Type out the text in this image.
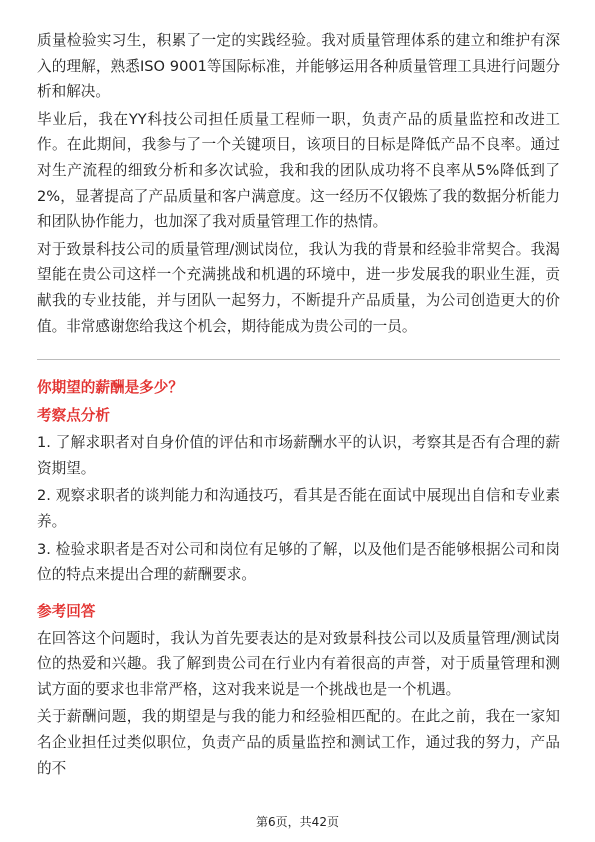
质量检验实习生，积累了一定的实践经验。我对质量管理体系的建立和维护有深入的理解，熟悉ISO 9001等国际标准，并能够运用各种质量管理工具进行问题分析和解决。

毕业后，我在YY科技公司担任质量工程师一职，负责产品的质量监控和改进工作。在此期间，我参与了一个关键项目，该项目的目标是降低产品不良率。通过对生产流程的细致分析和多次试验，我和我的团队成功将不良率从5%降低到了2%，显著提高了产品质量和客户满意度。这一经历不仅锻炼了我的数据分析能力和团队协作能力，也加深了我对质量管理工作的热情。

对于致景科技公司的质量管理/测试岗位，我认为我的背景和经验非常契合。我渴望能在贵公司这样一个充满挑战和机遇的环境中，进一步发展我的职业生涯，贡献我的专业技能，并与团队一起努力，不断提升产品质量，为公司创造更大的价值。非常感谢您给我这个机会，期待能成为贵公司的一员。

你期望的薪酬是多少？
考察点分析

1. 了解求职者对自身价值的评估和市场薪酬水平的认识，考察其是否有合理的薪资期望。

2. 观察求职者的谈判能力和沟通技巧，看其是否能在面试中展现出自信和专业素养。

3. 检验求职者是否对公司和岗位有足够的了解，以及他们是否能够根据公司和岗位的特点来提出合理的薪酬要求。

参考回答

在回答这个问题时，我认为首先要表达的是对致景科技公司以及质量管理/测试岗位的热爱和兴趣。我了解到贵公司在行业内有着很高的声誉，对于质量管理和测试方面的要求也非常严格，这对我来说是一个挑战也是一个机遇。

关于薪酬问题，我的期望是与我的能力和经验相匹配的。在此之前，我在一家知名企业担任过类似职位，负责产品的质量监控和测试工作，通过我的努力，产品的不

第6页，共42页
